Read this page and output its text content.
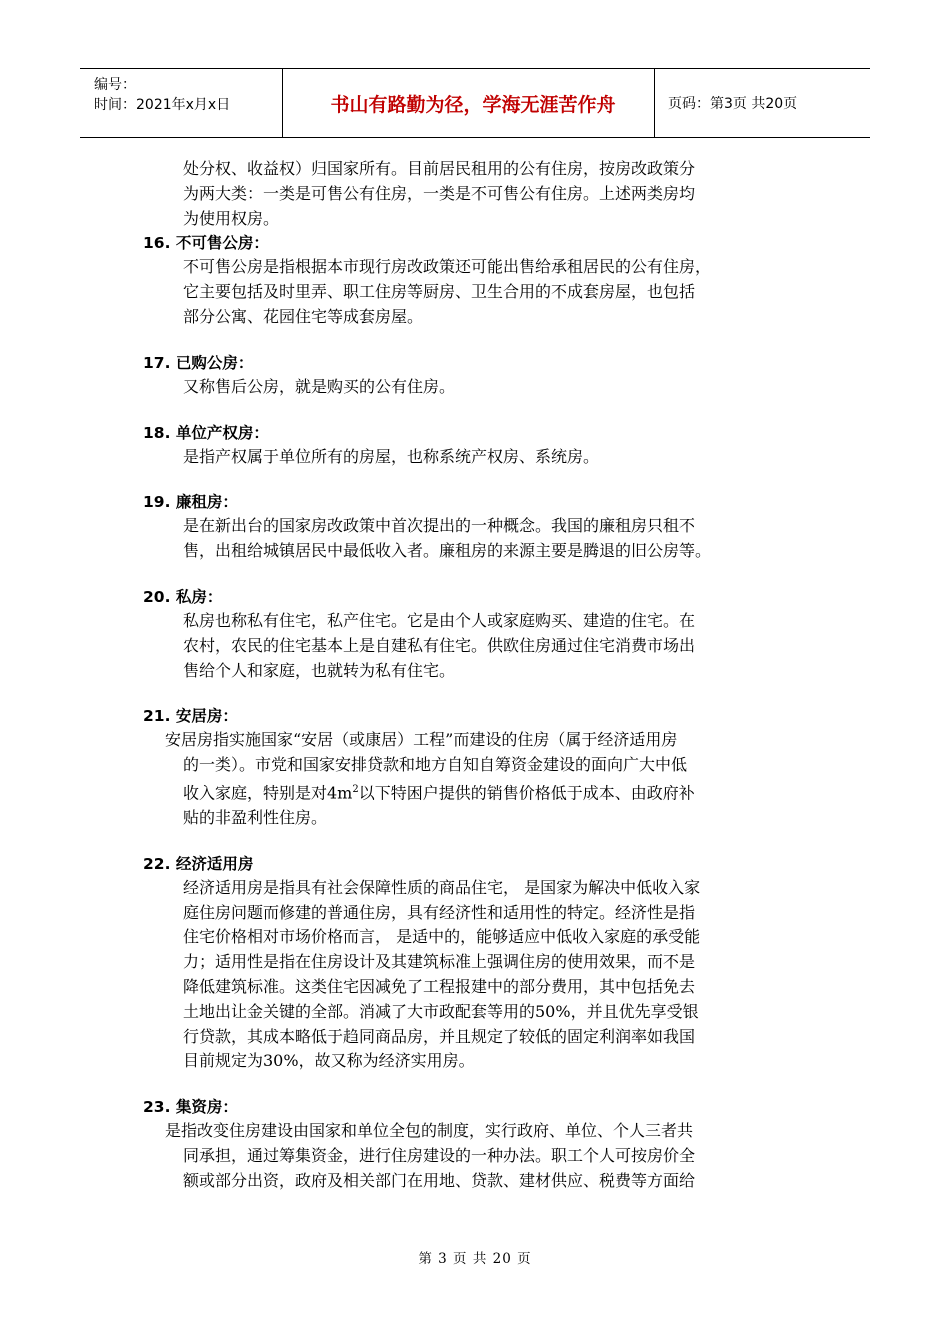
编号：
时间：2021年x月x日	书山有路勤为径，学海无涯苦作舟	页码：第3页 共20页

处分权、收益权）归国家所有。目前居民租用的公有住房，按房改政策分

为两大类：一类是可售公有住房，一类是不可售公有住房。上述两类房均

为使用权房。

16. 不可售公房：

不可售公房是指根据本市现行房改政策还可能出售给承租居民的公有住房，

它主要包括及时里弄、职工住房等厨房、卫生合用的不成套房屋，也包括

部分公寓、花园住宅等成套房屋。

17. 已购公房：

又称售后公房，就是购买的公有住房。

18. 单位产权房：

是指产权属于单位所有的房屋，也称系统产权房、系统房。

19. 廉租房：

是在新出台的国家房改政策中首次提出的一种概念。我国的廉租房只租不

售，出租给城镇居民中最低收入者。廉租房的来源主要是腾退的旧公房等。

20. 私房：

私房也称私有住宅，私产住宅。它是由个人或家庭购买、建造的住宅。在

农村，农民的住宅基本上是自建私有住宅。供欧住房通过住宅消费市场出

售给个人和家庭，也就转为私有住宅。

21. 安居房：

安居房指实施国家“安居（或康居）工程”而建设的住房（属于经济适用房

的一类）。市党和国家安排贷款和地方自知自筹资金建设的面向广大中低

收入家庭，特别是对$4m^2$以下特困户提供的销售价格低于成本、由政府补

贴的非盈利性住房。

22. 经济适用房

经济适用房是指具有社会保障性质的商品住宅， 是国家为解决中低收入家

庭住房问题而修建的普通住房，具有经济性和适用性的特定。经济性是指

住宅价格相对市场价格而言， 是适中的，能够适应中低收入家庭的承受能

力；适用性是指在住房设计及其建筑标准上强调住房的使用效果，而不是

降低建筑标准。这类住宅因减免了工程报建中的部分费用，其中包括免去

土地出让金关键的全部。消减了大市政配套等用的50%，并且优先享受银

行贷款，其成本略低于趋同商品房，并且规定了较低的固定利润率如我国

目前规定为30%，故又称为经济实用房。

23. 集资房：

是指改变住房建设由国家和单位全包的制度，实行政府、单位、个人三者共

同承担，通过筹集资金，进行住房建设的一种办法。职工个人可按房价全

额或部分出资，政府及相关部门在用地、贷款、建材供应、税费等方面给

第 3 页 共 20 页
